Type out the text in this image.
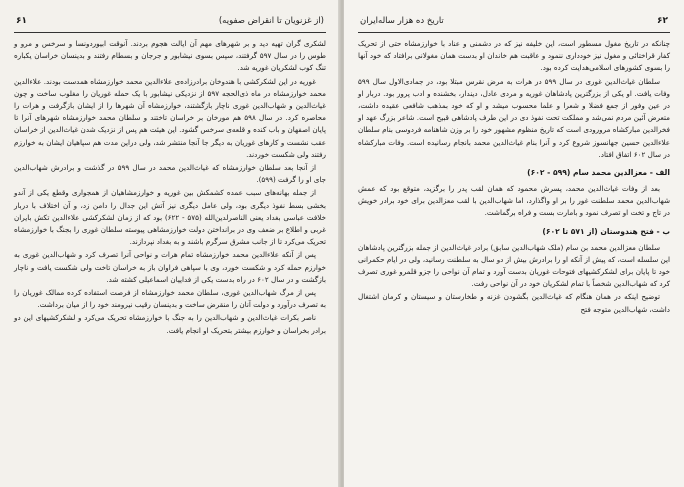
(از غزنویان تا انقراض صفویه)
۶۱

لشکری گران تهیه دید و بر شهرهای مهم آن ایالت هجوم بردند. آنوقت ابیوردونسا و سرخس و مرو و طوس را در سال ۵۹۷ گرفتند، سپس بسوی نیشابور و جرجان و بسطام رفتند و بدینسان خراسان یکباره تنگ کوب لشکریان غوریه شد.

غوریه در این لشکرکشی با هندوخان برادرزاده‌ی علاءالدین محمد خوارزمشاه همدست بودند. علاءالدین محمد خوارزمشاه در ماه ذی‌الحجه ۵۹۷ از نزدیکی نیشابور با یک حمله غوریان را مغلوب ساخت و چون غیاث‌الدین و شهاب‌الدین غوری ناچار بازگشتند، خوارزمشاه آن شهرها را از ایشان بازگرفت و هرات را محاصره کرد. در سال ۵۹۸ هم مورخان بر خراسان تاختند و سلطان محمد خوارزمشاه شهرهای آنرا تا پایان اصفهان و باب کنده و قلعه‌ی سرخس گشود. این هیئت هم پس از نزدیک شدن غیاث‌الدین از خراسان عقب نشست و کارهای غوریان به دیگر جا آنجا منتشر شد، ولی دراین مدت هم سپاهیان ایشان به خوارزم رفتند ولی شکست خوردند.

از آنجا بعد سلطان خوارزمشاه که غیاث‌الدین محمد در سال ۵۹۹ در گذشت و برادرش شهاب‌الدین جای او را گرفت (۵۹۹).

از جمله بهانه‌های سبب عمده کشمکش بین غوریه و خوارزمشاهیان از همجواری وقطع یکی از آندو بخشی بسط نفوذ دیگری بود، ولی عامل دیگری نیز آتش این جدال را دامن زد، و آن اختلاف با دربار خلافت عباسی بغداد یعنی الناصرلدین‌الله (۵۷۵ - ۶۲۲) بود که از زمان لشکرکشی علاءالدین تکش بایران غربی و اطلاع بر ضعف وی در برانداختن دولت خوارزمشاهی پیوسته سلطان غوری را بجنگ با خوارزمشاه تحریک می‌کرد تا از جانب مشرق سرگرم باشند و به بغداد نپردازند.

پس از آنکه علاءالدین محمد خوارزمشاه تمام هرات و نواحی آنرا تصرف کرد و شهاب‌الدین غوری به خوارزم حمله کرد و شکست خورد، وی با سپاهی فراوان باز به خراسان تاخت ولی شکست یافت و ناچار بازگشت و در سال ۶۰۲ در راه بدست یکی از فداییان اسماعیلی کشته شد.

پس از مرگ شهاب‌الدین غوری، سلطان محمد خوارزمشاه از فرصت استفاده کرده ممالک غوریان را به تصرف درآورد و دولت آنان را منقرض ساخت و بدینسان رقیب نیرومند خود را از میان برداشت.

ناصر بکرات غیاث‌الدین و شهاب‌الدین را به جنگ با خوارزمشاه تحریک می‌کرد و لشکرکشیهای این دو برادر بخراسان و خوارزم بیشتر بتحریک او انجام یافت.

تاریخ ده هزار ساله‌ایران	۶۲

چنانکه در تاریخ مغول مسطور است، این خلیفه نیز که در دشمنی و عناد با خوارزمشاه حتی از تحریک کفار قراختائی و مغول نیز خودداری ننمود و عاقبت هم خاندان او بدست همان مغولانی برافتاد که خود آنها را بسوی کشورهای اسلامی‌هدایت کرده بود.

سلطان غیاث‌الدین غوری در سال ۵۹۹ در هرات به مرض نقرس مبتلا بود، در جمادی‌الاول سال ۵۹۹ وفات یافت. او یکی از بزرگترین پادشاهان غوریه و مردی عادل، دیندار، بخشنده و ادب پرور بود. دربار او در عین وفور از جمع فضلا و شعرا و علما محسوب میشد و او که خود بمذهب شافعی عقیده داشت، متعرض آئین مردم نمی‌شد و مملکت تحت نفوذ دی در این طرف پادشاهی قبیح است. شاعر بزرگ عهد او فخرالدین مبارکشاه مرورودی است که تاریخ منظوم مشهور خود را بر وزن شاهنامه فردوسی بنام سلطان علاءالدین حسین جهانسوز شروع کرد و آنرا بنام غیاث‌الدین محمد بانجام رسانیده است. وفات مبارکشاه در سال ۶۰۲ اتفاق افتاد.

الف - معزالدین محمد سام (۵۹۹ - ۶۰۲)

بعد از وفات غیاث‌الدین محمد، پسرش محمود که همان لقب پدر را برگزید، متوقع بود که عمش شهاب‌الدین محمد سلطنت غور را بر او واگذارد، اما شهاب‌الدین با لقب معزالدین برای خود برادر خویش در تاج و تخت او تصرف نمود و بامارت بست و فراه برگماشت.

ب - فتح هندوستان (از ۵۷۱ تا ۶۰۲)

سلطان معزالدین محمد بن سام (ملک شهاب‌الدین سابق) برادر غیاث‌الدین از جمله بزرگترین پادشاهان این سلسله است، که پیش از آنکه او را برادرش بیش از دو سال به سلطنت رسانید، ولی در ایام حکمرانی خود تا پایان برای لشکرکشیهای فتوحات غوریان بدست آورد و تمام آن نواحی را جزو قلمرو غوری تصرف کرد که شهاب‌الدین شخصاً با تمام لشکریان خود در آن نواحی رفت.

توضیح اینکه در همان هنگام که غیاث‌الدین بگشودن غزنه و طخارستان و سیستان و کرمان اشتغال داشت، شهاب‌الدین متوجه فتح
